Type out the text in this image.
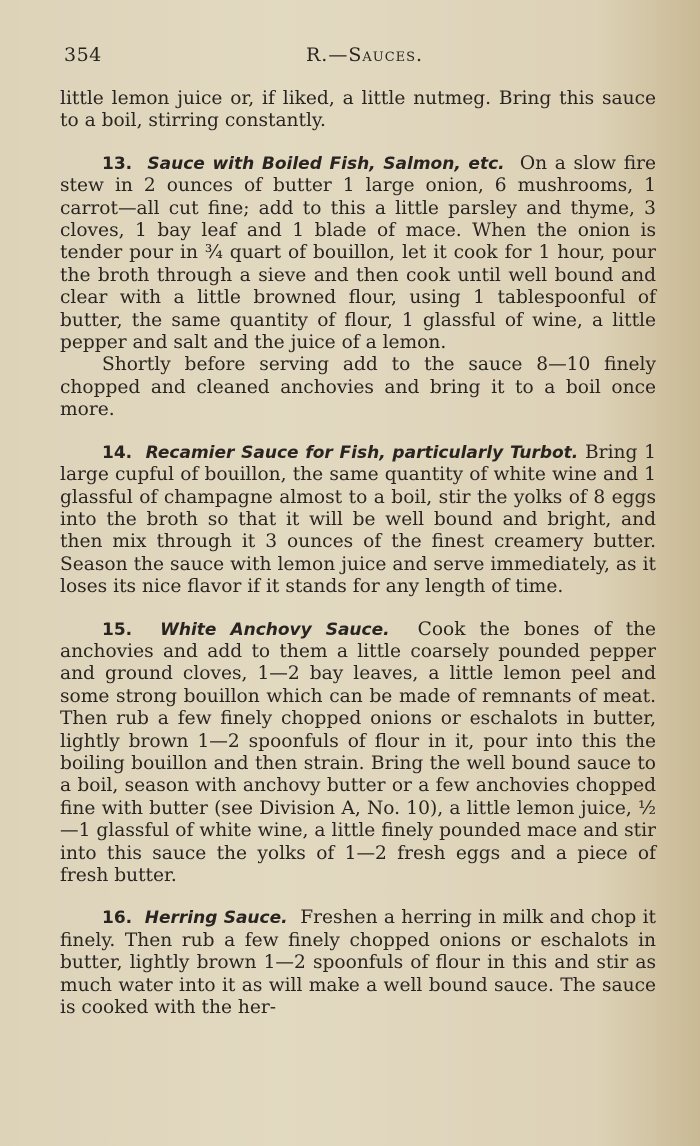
354	R.—Sauces.

little lemon juice or, if liked, a little nutmeg. Bring this sauce to a boil, stirring constantly.

13. Sauce with Boiled Fish, Salmon, etc. On a slow fire stew in 2 ounces of butter 1 large onion, 6 mushrooms, 1 carrot—all cut fine; add to this a little parsley and thyme, 3 cloves, 1 bay leaf and 1 blade of mace. When the onion is tender pour in ¾ quart of bouillon, let it cook for 1 hour, pour the broth through a sieve and then cook until well bound and clear with a little browned flour, using 1 tablespoonful of butter, the same quantity of flour, 1 glassful of wine, a little pepper and salt and the juice of a lemon.

Shortly before serving add to the sauce 8—10 finely chopped and cleaned anchovies and bring it to a boil once more.

14. Recamier Sauce for Fish, particularly Turbot. Bring 1 large cupful of bouillon, the same quantity of white wine and 1 glassful of champagne almost to a boil, stir the yolks of 8 eggs into the broth so that it will be well bound and bright, and then mix through it 3 ounces of the finest creamery butter. Season the sauce with lemon juice and serve immediately, as it loses its nice flavor if it stands for any length of time.

15. White Anchovy Sauce. Cook the bones of the anchovies and add to them a little coarsely pounded pepper and ground cloves, 1—2 bay leaves, a little lemon peel and some strong bouillon which can be made of remnants of meat. Then rub a few finely chopped onions or eschalots in butter, lightly brown 1—2 spoonfuls of flour in it, pour into this the boiling bouillon and then strain. Bring the well bound sauce to a boil, season with anchovy butter or a few anchovies chopped fine with butter (see Division A, No. 10), a little lemon juice, ½—1 glassful of white wine, a little finely pounded mace and stir into this sauce the yolks of 1—2 fresh eggs and a piece of fresh butter.

16. Herring Sauce. Freshen a herring in milk and chop it finely. Then rub a few finely chopped onions or eschalots in butter, lightly brown 1—2 spoonfuls of flour in this and stir as much water into it as will make a well bound sauce. The sauce is cooked with the her-
